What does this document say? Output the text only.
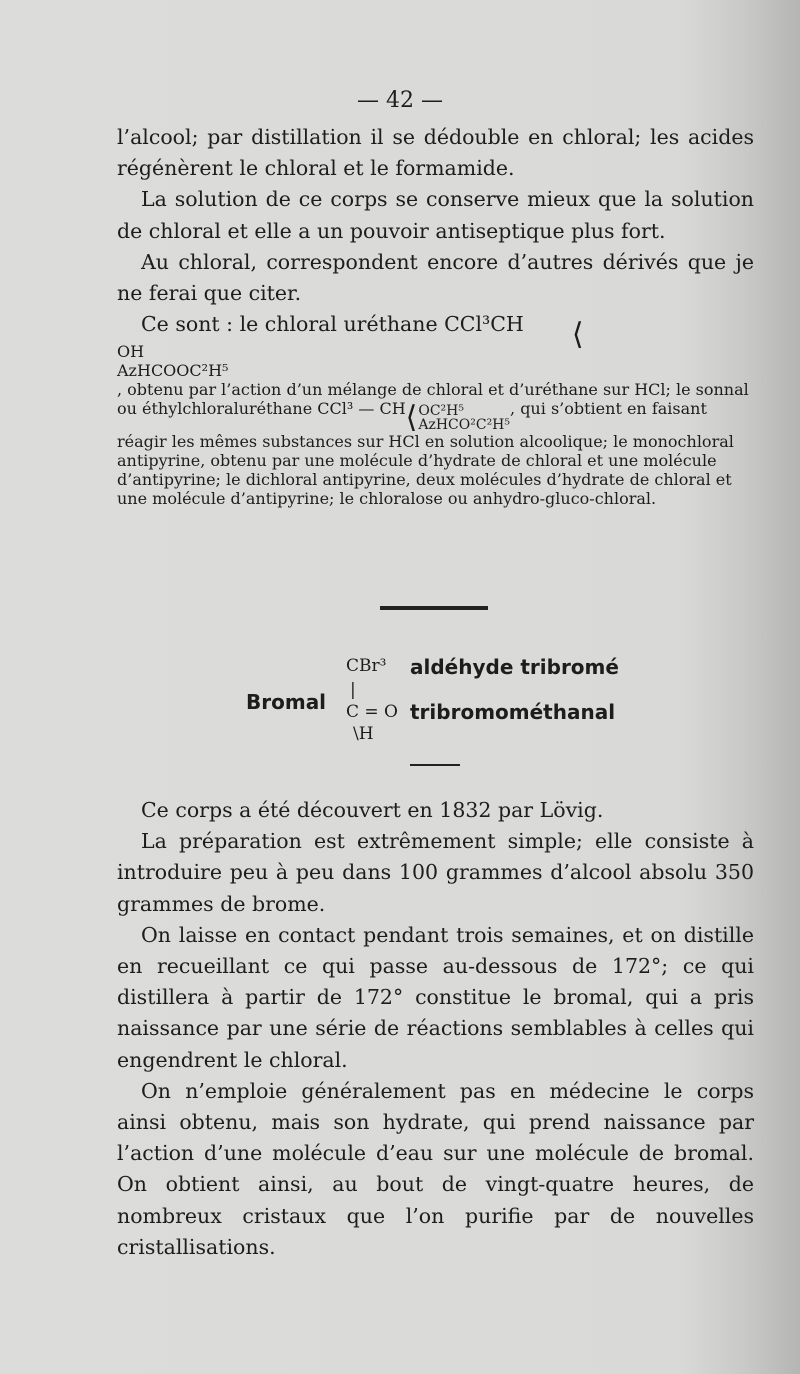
— 42 —

l’alcool; par distillation il se dédouble en chloral; les acides régénèrent le chloral et le formamide.

La solution de ce corps se conserve mieux que la solution de chloral et elle a un pouvoir antiseptique plus fort.

Au chloral, correspondent encore d’autres dérivés que je ne ferai que citer.

Ce sont : le chloral uréthane CCl³CH ⟨

OH
AzHCOOC²H⁵
, obtenu par l’action d’un mélange de chloral et d’uréthane sur HCl; le sonnal ou éthylchloraluréthane CCl³ — CH⟨ OC²H⁵
AzHCO²C²H⁵
, qui s’obtient en faisant réagir les mêmes substances sur HCl en solution alcoolique; le monochloral antipyrine, obtenu par une molécule d’hydrate de chloral et une molécule d’antipyrine; le dichloral antipyrine, deux molécules d’hydrate de chloral et une molécule d’antipyrine; le chloralose ou anhydro-gluco-chloral.

CBr³ aldéhyde tribromé
Bromal |
C = O tribromométhanal
\H

Ce corps a été découvert en 1832 par Lövig.

La préparation est extrêmement simple; elle consiste à introduire peu à peu dans 100 grammes d’alcool absolu 350 grammes de brome.

On laisse en contact pendant trois semaines, et on distille en recueillant ce qui passe au-dessous de 172°; ce qui distillera à partir de 172° constitue le bromal, qui a pris naissance par une série de réactions semblables à celles qui engendrent le chloral.

On n’emploie généralement pas en médecine le corps ainsi obtenu, mais son hydrate, qui prend naissance par l’action d’une molécule d’eau sur une molécule de bromal. On obtient ainsi, au bout de vingt-quatre heures, de nombreux cristaux que l’on purifie par de nouvelles cristallisations.
